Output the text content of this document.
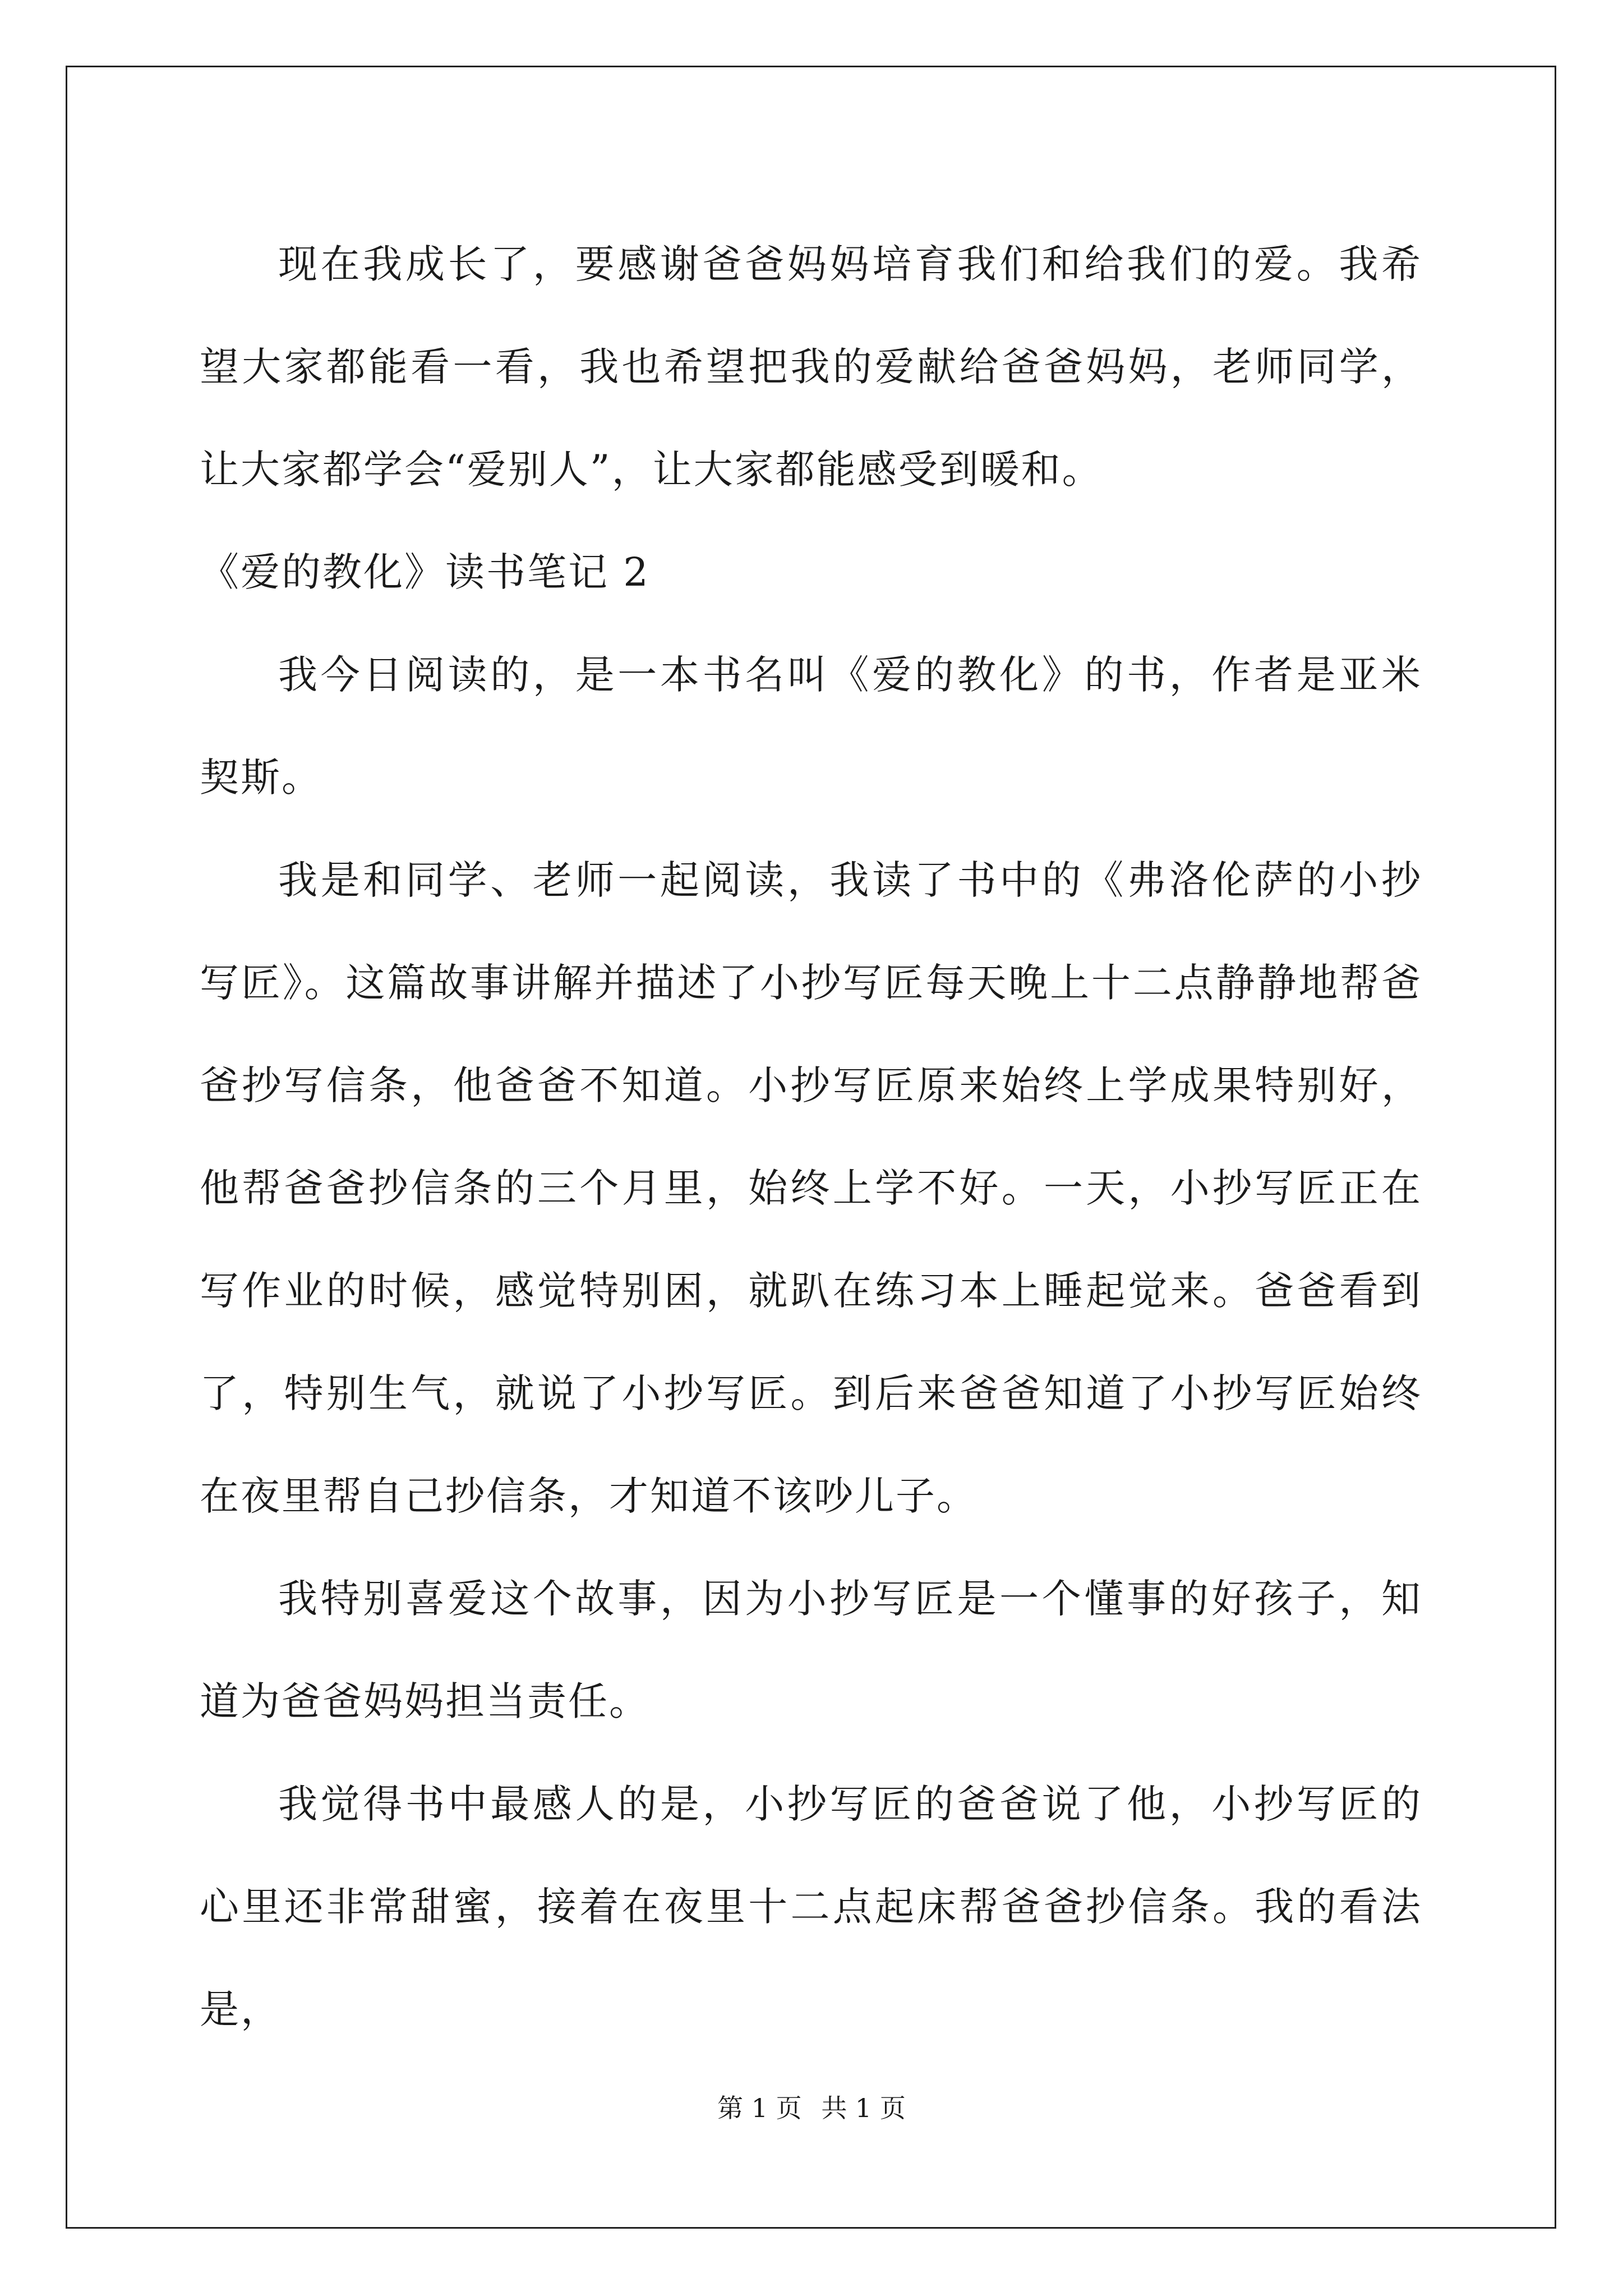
现在我成长了，要感谢爸爸妈妈培育我们和给我们的爱。我希望大家都能看一看，我也希望把我的爱献给爸爸妈妈，老师同学，让大家都学会“爱别人”，让大家都能感受到暖和。

《爱的教化》读书笔记 2

我今日阅读的，是一本书名叫《爱的教化》的书，作者是亚米契斯。

我是和同学、老师一起阅读，我读了书中的《弗洛伦萨的小抄写匠》。这篇故事讲解并描述了小抄写匠每天晚上十二点静静地帮爸爸抄写信条，他爸爸不知道。小抄写匠原来始终上学成果特别好，他帮爸爸抄信条的三个月里，始终上学不好。一天，小抄写匠正在写作业的时候，感觉特别困，就趴在练习本上睡起觉来。爸爸看到了，特别生气，就说了小抄写匠。到后来爸爸知道了小抄写匠始终在夜里帮自己抄信条，才知道不该吵儿子。

我特别喜爱这个故事，因为小抄写匠是一个懂事的好孩子，知道为爸爸妈妈担当责任。

我觉得书中最感人的是，小抄写匠的爸爸说了他，小抄写匠的心里还非常甜蜜，接着在夜里十二点起床帮爸爸抄信条。我的看法是，

第 1 页 共 1 页
